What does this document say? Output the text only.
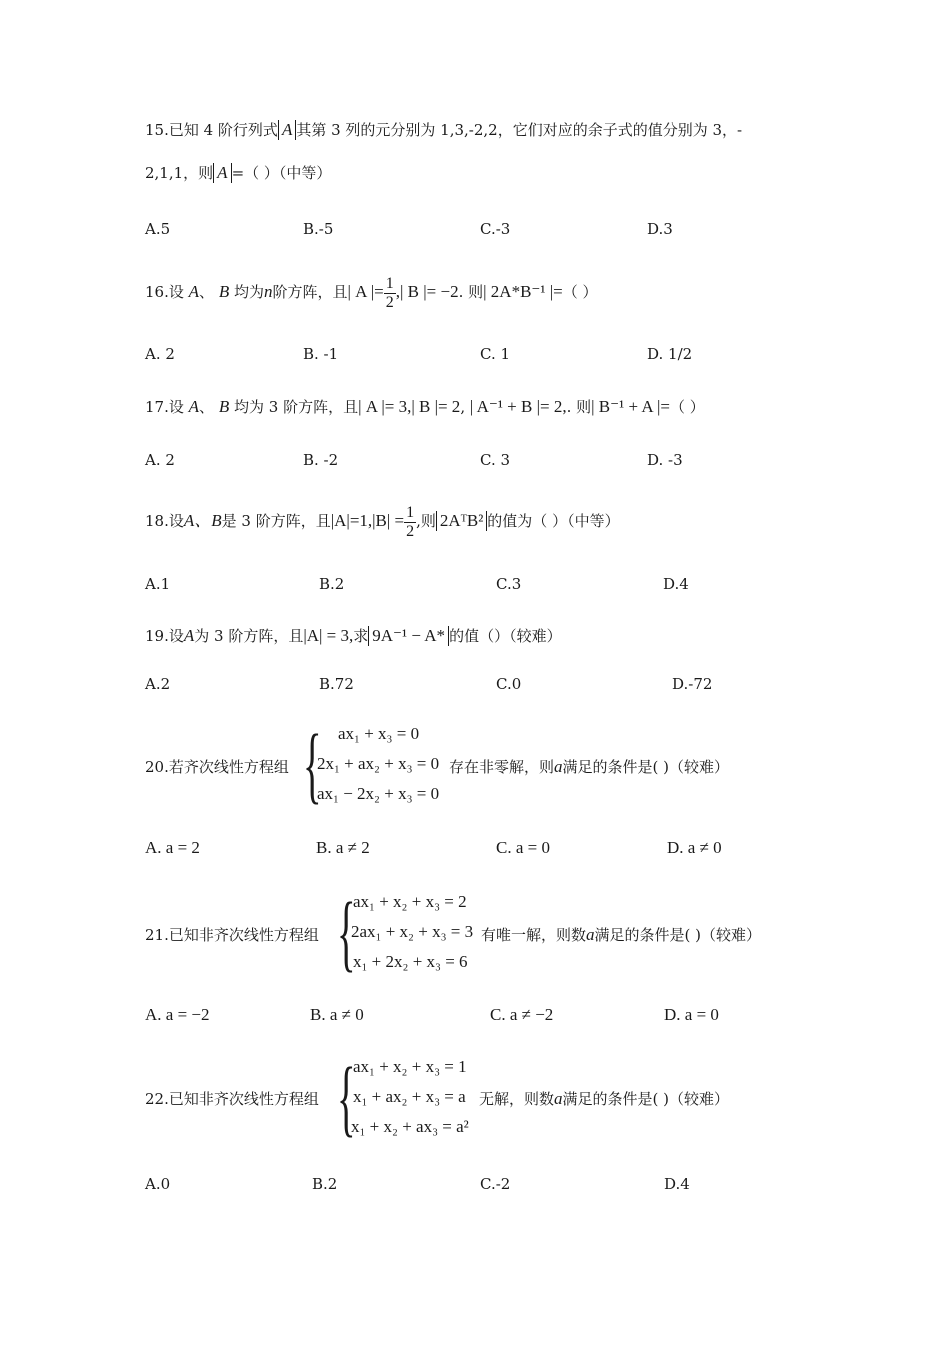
15.已知 4 阶行列式 A 其第 3 列的元分别为 1,3,-2,2，它们对应的余子式的值分别为 3，-
2,1,1，则 A =（ ）（中等）
A.5	B.-5	C.-3	D.3
16.设 A、 B 均为n阶方阵，且| A |= $\frac{1}{2}$ ,| B |= −2. 则| 2A*B⁻¹ |=（ ）
A. 2	B. -1	C. 1	D. 1/2
17.设 A、 B 均为 3 阶方阵，且| A |= 3,| B |= 2, | A⁻¹ + B |= 2,. 则| B⁻¹ + A |=（ ）
A. 2	B. -2	C. 3	D. -3
18.设A、B是 3 阶方阵，且$|A|=1,|B| = \frac{1}{2}$ ,则 2AᵀB² 的值为（ ）（中等）
A.1	B.2	C.3	D.4
19.设A为 3 阶方阵，且|A| = 3,求 9A⁻¹ − A* 的值（）（较难）
A.2	B.72	C.0	D.-72
20.若齐次线性方程组 { ax₁ + x₃ = 0
2x₁ + ax₂ + x₃ = 0
ax₁ − 2x₂ + x₃ = 0
存在非零解，则a满足的条件是( )（较难）
A. a = 2	B. a ≠ 2	C. a = 0	D. a ≠ 0
21.已知非齐次线性方程组 {
ax₁ + x₂ + x₃ = 2
2ax₁ + x₂ + x₃ = 3
x₁ + 2x₂ + x₃ = 6
有唯一解，则数a满足的条件是( )（较难）
A. a = −2	B. a ≠ 0	C. a ≠ −2	D. a = 0
22.已知非齐次线性方程组 {
ax₁ + x₂ + x₃ = 1
x₁ + ax₂ + x₃ = a
x₁ + x₂ + ax₃ = a²
无解，则数a满足的条件是( )（较难）
A.0	B.2	C.-2	D.4
